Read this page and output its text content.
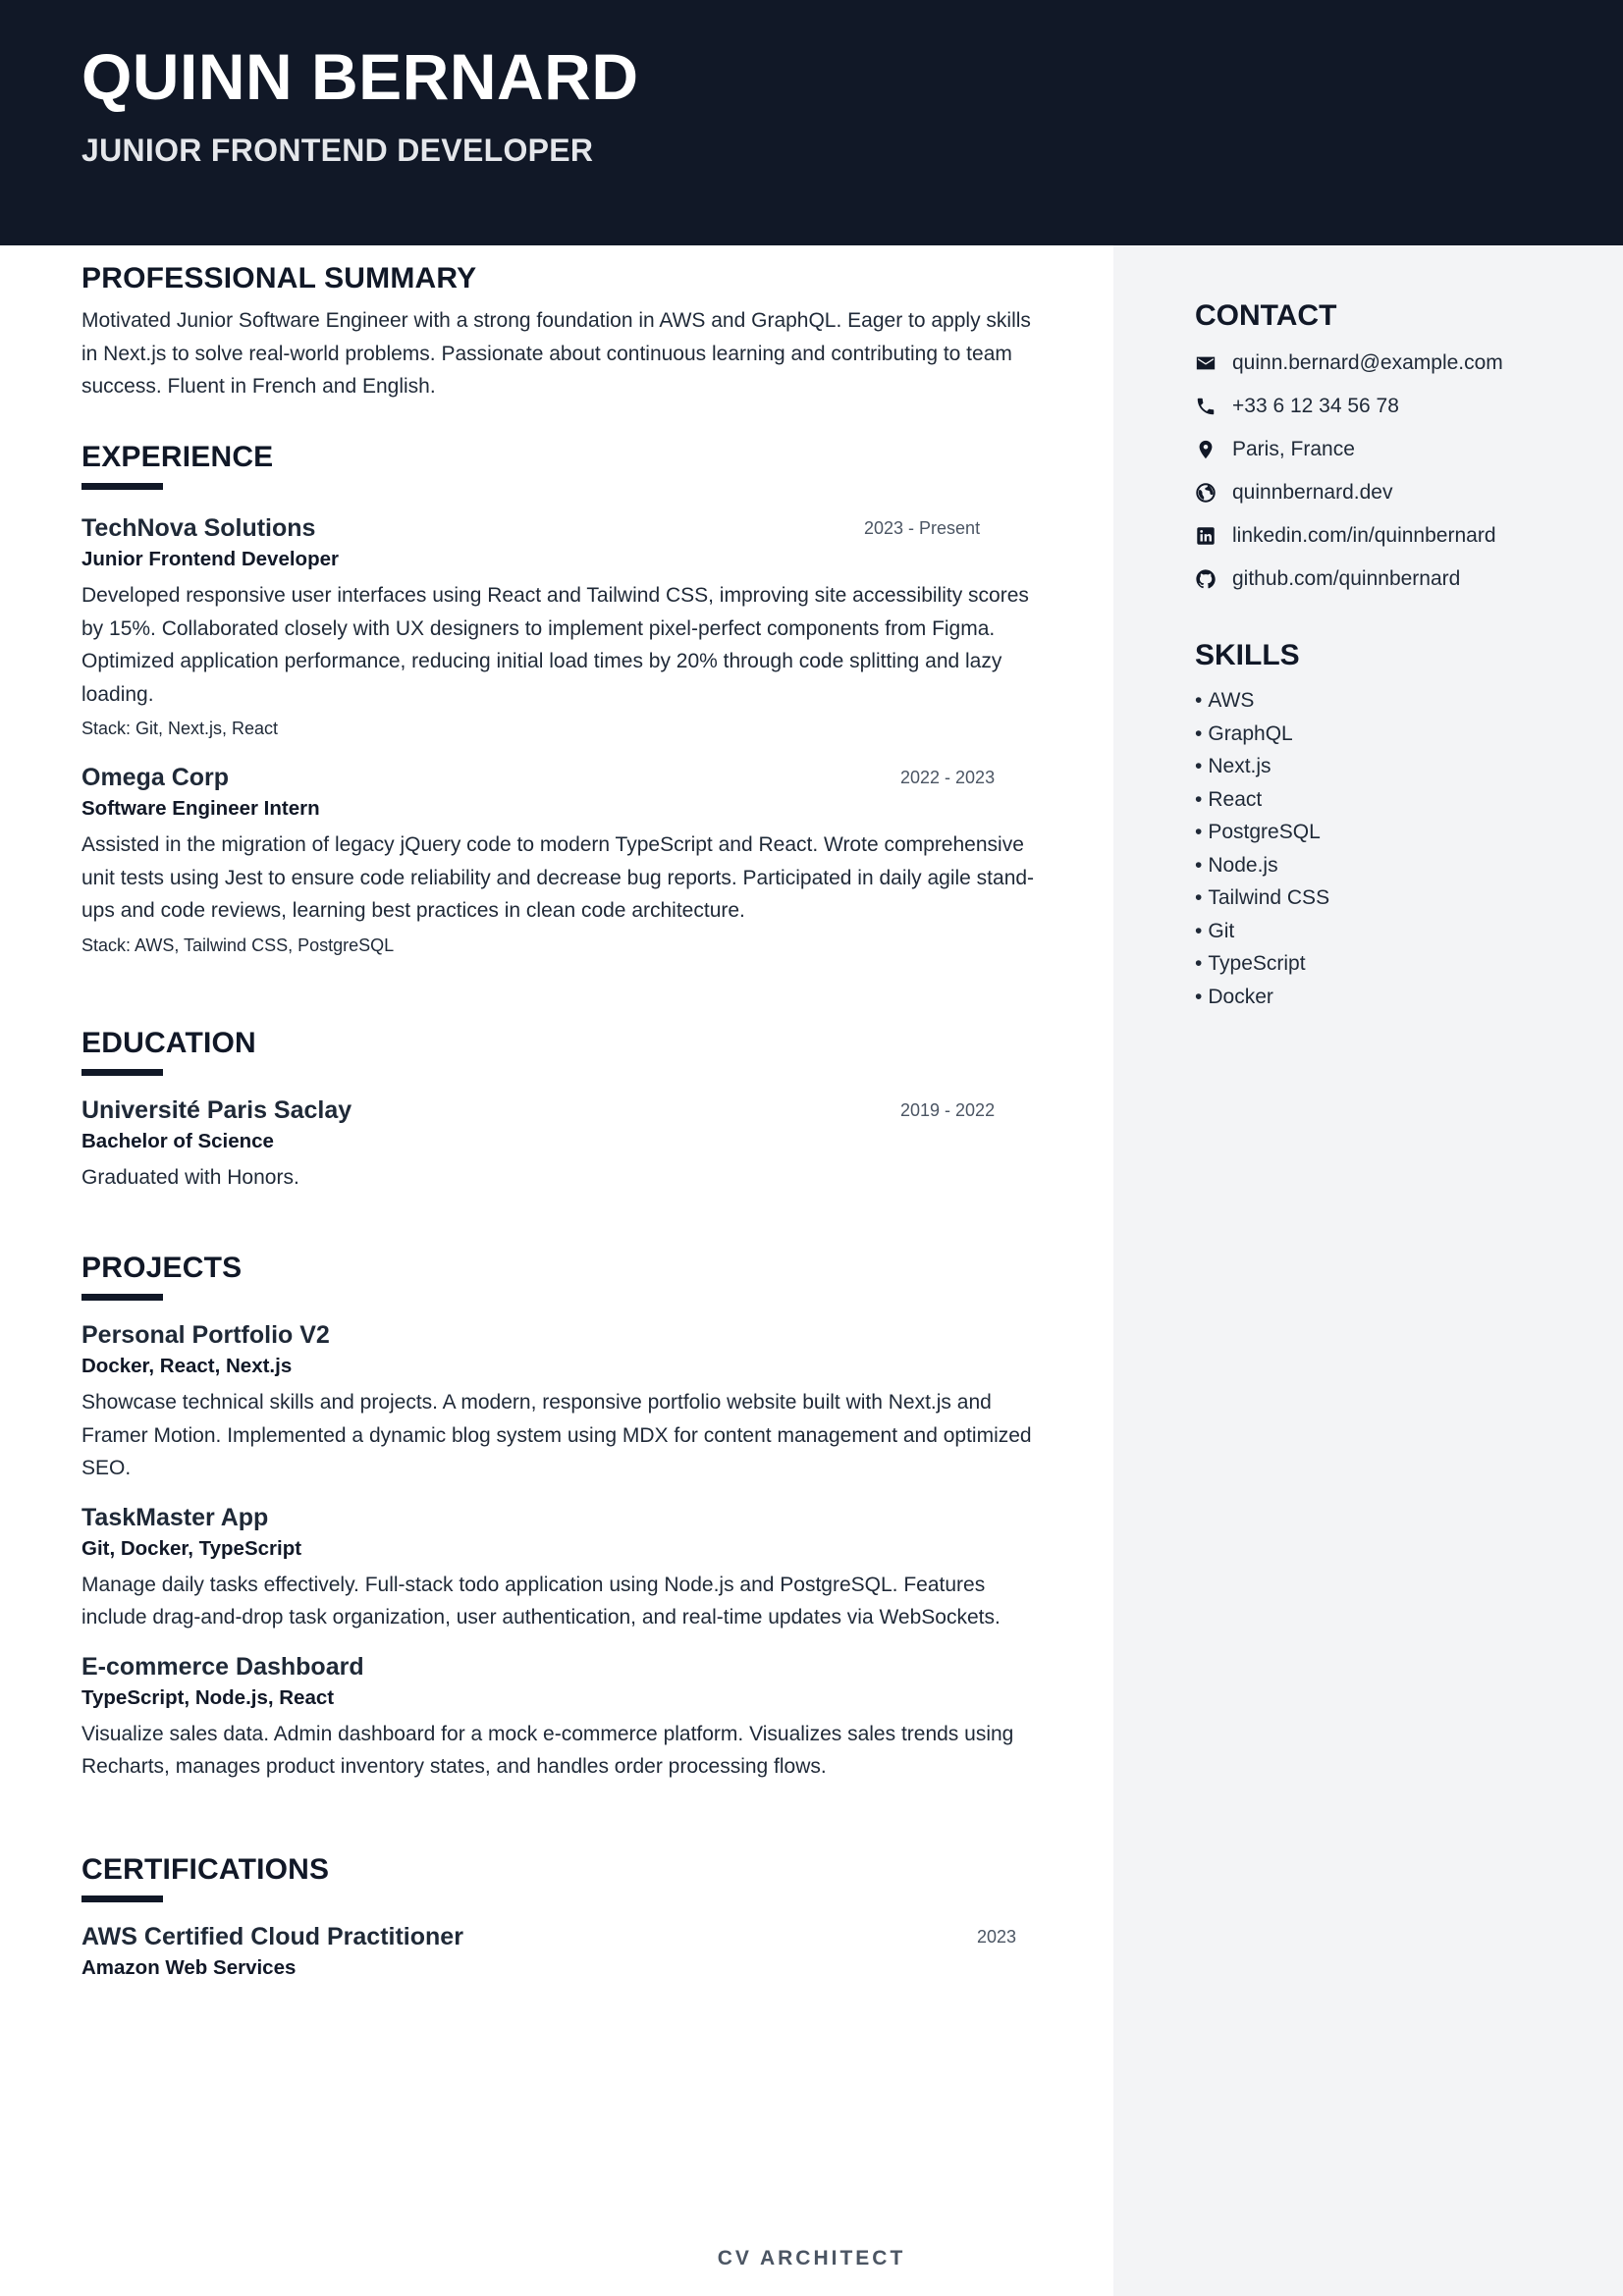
QUINN BERNARD
JUNIOR FRONTEND DEVELOPER
CONTACT
quinn.bernard@example.com
+33 6 12 34 56 78
Paris, France
quinnbernard.dev
linkedin.com/in/quinnbernard
github.com/quinnbernard
SKILLS
• AWS
• GraphQL
• Next.js
• React
• PostgreSQL
• Node.js
• Tailwind CSS
• Git
• TypeScript
• Docker
PROFESSIONAL SUMMARY
Motivated Junior Software Engineer with a strong foundation in AWS and GraphQL. Eager to apply skills in Next.js to solve real-world problems. Passionate about continuous learning and contributing to team success. Fluent in French and English.
EXPERIENCE
TechNova Solutions	2023 - Present
Junior Frontend Developer
Developed responsive user interfaces using React and Tailwind CSS, improving site accessibility scores by 15%. Collaborated closely with UX designers to implement pixel-perfect components from Figma. Optimized application performance, reducing initial load times by 20% through code splitting and lazy loading.
Stack: Git, Next.js, React
Omega Corp	2022 - 2023
Software Engineer Intern
Assisted in the migration of legacy jQuery code to modern TypeScript and React. Wrote comprehensive unit tests using Jest to ensure code reliability and decrease bug reports. Participated in daily agile stand-ups and code reviews, learning best practices in clean code architecture.
Stack: AWS, Tailwind CSS, PostgreSQL
EDUCATION
Université Paris Saclay	2019 - 2022
Bachelor of Science
Graduated with Honors.
PROJECTS
Personal Portfolio V2
Docker, React, Next.js
Showcase technical skills and projects. A modern, responsive portfolio website built with Next.js and Framer Motion. Implemented a dynamic blog system using MDX for content management and optimized SEO.
TaskMaster App
Git, Docker, TypeScript
Manage daily tasks effectively. Full-stack todo application using Node.js and PostgreSQL. Features include drag-and-drop task organization, user authentication, and real-time updates via WebSockets.
E-commerce Dashboard
TypeScript, Node.js, React
Visualize sales data. Admin dashboard for a mock e-commerce platform. Visualizes sales trends using Recharts, manages product inventory states, and handles order processing flows.
CERTIFICATIONS
AWS Certified Cloud Practitioner	2023
Amazon Web Services
CV ARCHITECT
